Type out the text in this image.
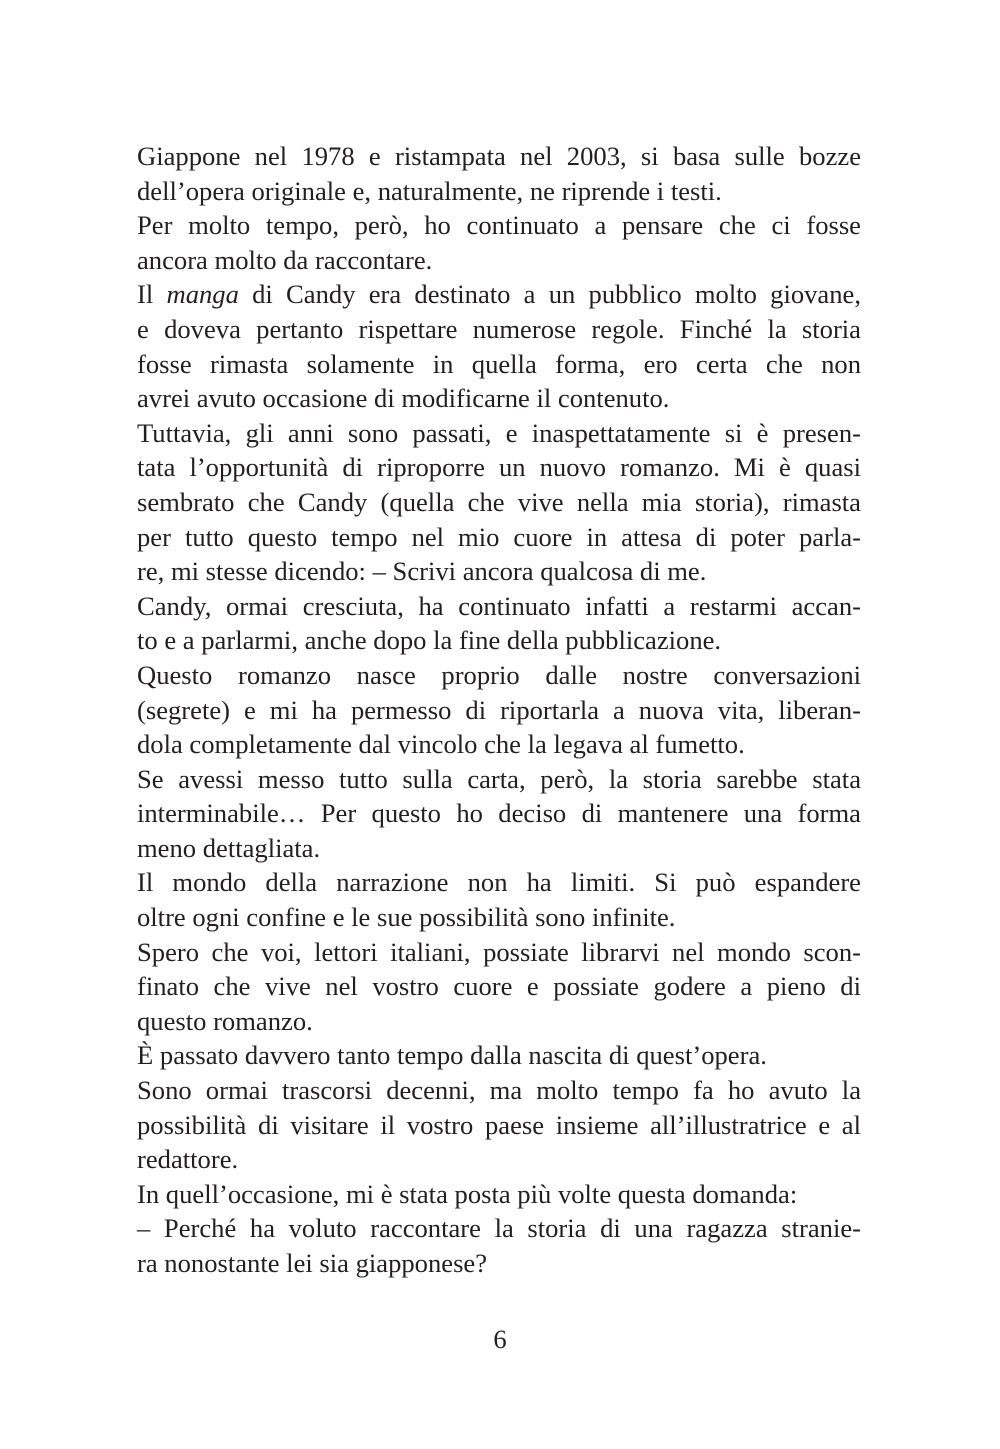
Giappone nel 1978 e ristampata nel 2003, si basa sulle bozze
dell’opera originale e, naturalmente, ne riprende i testi.
Per molto tempo, però, ho continuato a pensare che ci fosse
ancora molto da raccontare.
Il manga di Candy era destinato a un pubblico molto giovane,
e doveva pertanto rispettare numerose regole. Finché la storia
fosse rimasta solamente in quella forma, ero certa che non
avrei avuto occasione di modificarne il contenuto.
Tuttavia, gli anni sono passati, e inaspettatamente si è presen-
tata l’opportunità di riproporre un nuovo romanzo. Mi è quasi
sembrato che Candy (quella che vive nella mia storia), rimasta
per tutto questo tempo nel mio cuore in attesa di poter parla-
re, mi stesse dicendo: – Scrivi ancora qualcosa di me.
Candy, ormai cresciuta, ha continuato infatti a restarmi accan-
to e a parlarmi, anche dopo la fine della pubblicazione.
Questo romanzo nasce proprio dalle nostre conversazioni
(segrete) e mi ha permesso di riportarla a nuova vita, liberan-
dola completamente dal vincolo che la legava al fumetto.
Se avessi messo tutto sulla carta, però, la storia sarebbe stata
interminabile… Per questo ho deciso di mantenere una forma
meno dettagliata.
Il mondo della narrazione non ha limiti. Si può espandere
oltre ogni confine e le sue possibilità sono infinite.
Spero che voi, lettori italiani, possiate librarvi nel mondo scon-
finato che vive nel vostro cuore e possiate godere a pieno di
questo romanzo.
È passato davvero tanto tempo dalla nascita di quest’opera.
Sono ormai trascorsi decenni, ma molto tempo fa ho avuto la
possibilità di visitare il vostro paese insieme all’illustratrice e al
redattore.
In quell’occasione, mi è stata posta più volte questa domanda:
– Perché ha voluto raccontare la storia di una ragazza stranie-
ra nonostante lei sia giapponese?
6
